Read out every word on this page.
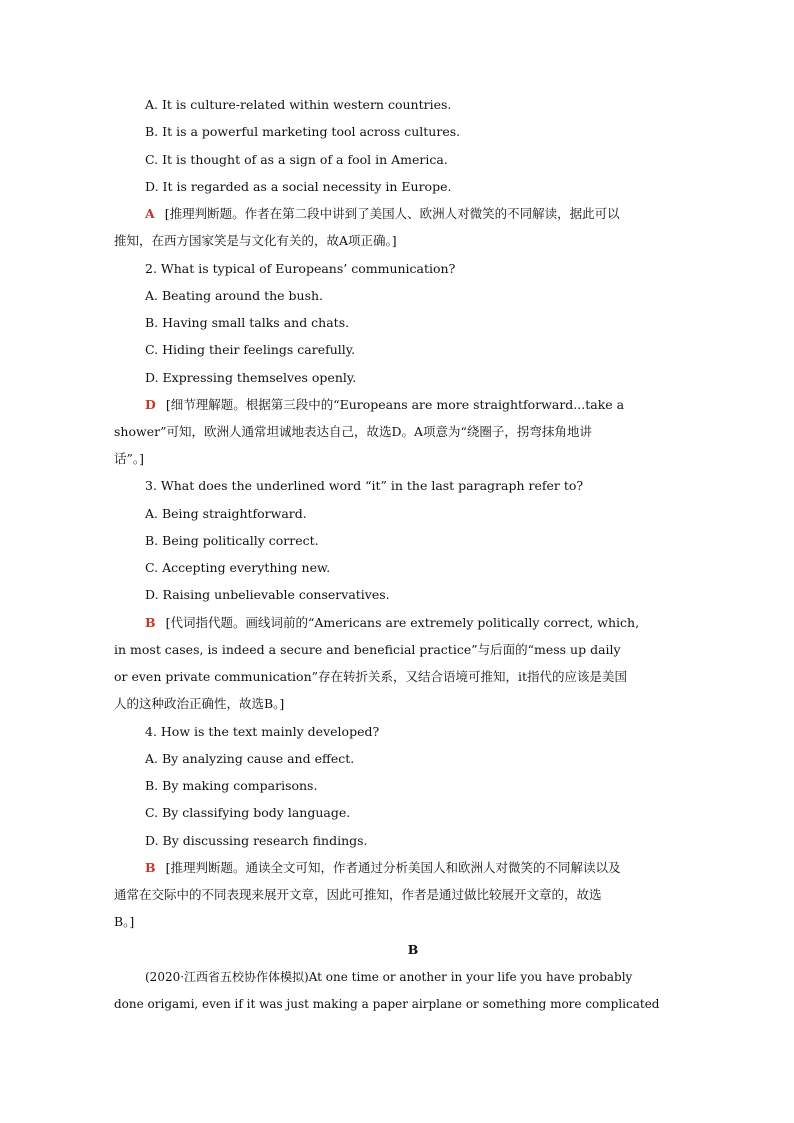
A. It is culture-related within western countries.
B. It is a powerful marketing tool across cultures.
C. It is thought of as a sign of a fool in America.
D. It is regarded as a social necessity in Europe.
A [推理判断题。作者在第二段中讲到了美国人、欧洲人对微笑的不同解读，据此可以
推知，在西方国家笑是与文化有关的，故A项正确。]
2. What is typical of Europeans’ communication?
A. Beating around the bush.
B. Having small talks and chats.
C. Hiding their feelings carefully.
D. Expressing themselves openly.
D [细节理解题。根据第三段中的“Europeans are more straightforward...take a
shower”可知，欧洲人通常坦诚地表达自己，故选D。A项意为“绕圈子，拐弯抹角地讲
话”。]
3. What does the underlined word “it” in the last paragraph refer to?
A. Being straightforward.
B. Being politically correct.
C. Accepting everything new.
D. Raising unbelievable conservatives.
B [代词指代题。画线词前的“Americans are extremely politically correct, which,
in most cases, is indeed a secure and beneficial practice”与后面的“mess up daily
or even private communication”存在转折关系，又结合语境可推知，it指代的应该是美国
人的这种政治正确性，故选B。]
4. How is the text mainly developed?
A. By analyzing cause and effect.
B. By making comparisons.
C. By classifying body language.
D. By discussing research findings.
B [推理判断题。通读全文可知，作者通过分析美国人和欧洲人对微笑的不同解读以及
通常在交际中的不同表现来展开文章，因此可推知，作者是通过做比较展开文章的，故选
B。]
B
(2020·江西省五校协作体模拟)At one time or another in your life you have probably
done origami, even if it was just making a paper airplane or something more complicated
